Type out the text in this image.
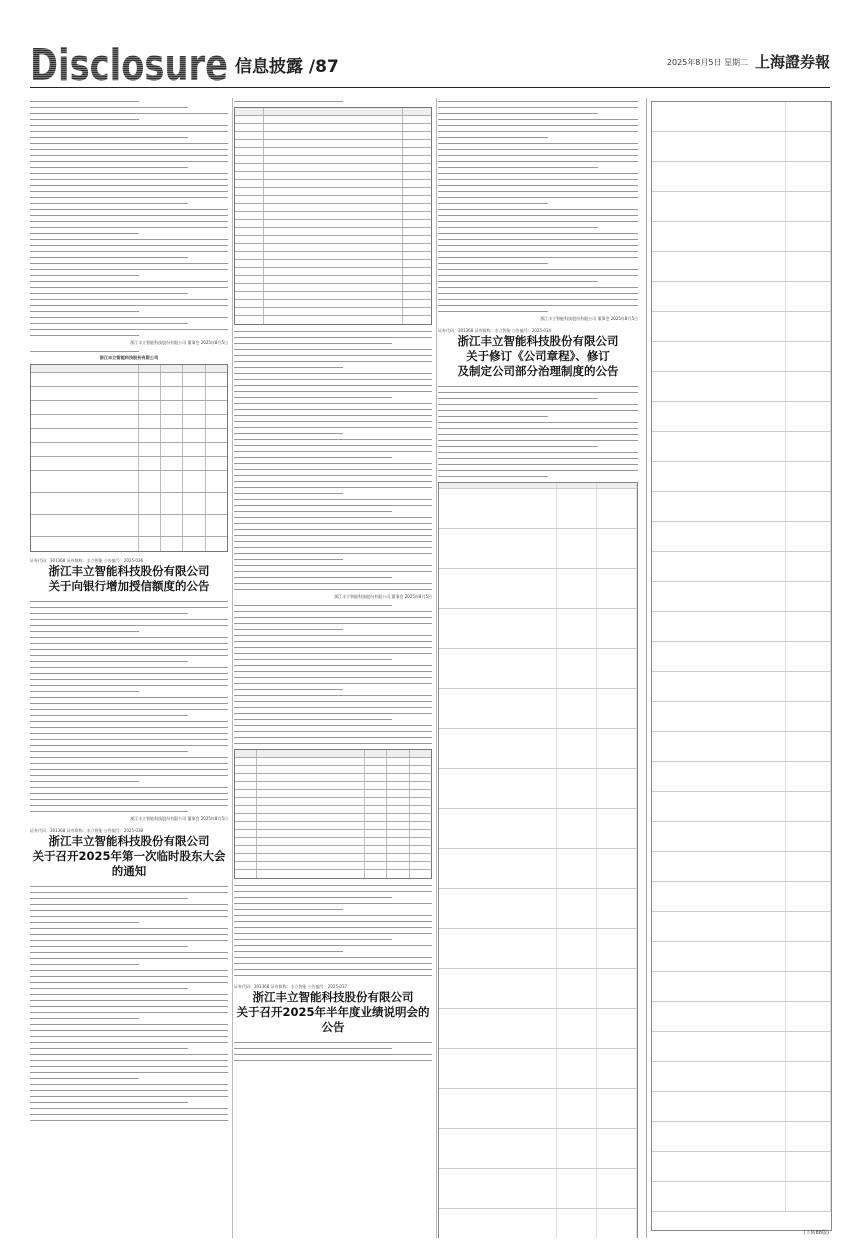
Disclosure 信息披露 /87	2025年8月5日 星期二 上海證券報
浙江丰立智能科技股份有限公司 董事会 2025年8月5日
浙江丰立智能科技股份有限公司
证券代码：301368 证券简称：丰立智能 公告编号：2025-036
浙江丰立智能科技股份有限公司
关于向银行增加授信额度的公告
浙江丰立智能科技股份有限公司 董事会 2025年8月5日
证券代码：301368 证券简称：丰立智能 公告编号：2025-038
浙江丰立智能科技股份有限公司
关于召开2025年第一次临时股东大会的通知
浙江丰立智能科技股份有限公司 董事会 2025年8月5日
证券代码：301368 证券简称：丰立智能 公告编号：2025-037
浙江丰立智能科技股份有限公司
关于召开2025年半年度业绩说明会的公告
浙江丰立智能科技股份有限公司 董事会 2025年8月5日
证券代码：301368 证券简称：丰立智能 公告编号：2025-034
浙江丰立智能科技股份有限公司
关于修订《公司章程》、修订
及制定公司部分治理制度的公告
(下转88版)
